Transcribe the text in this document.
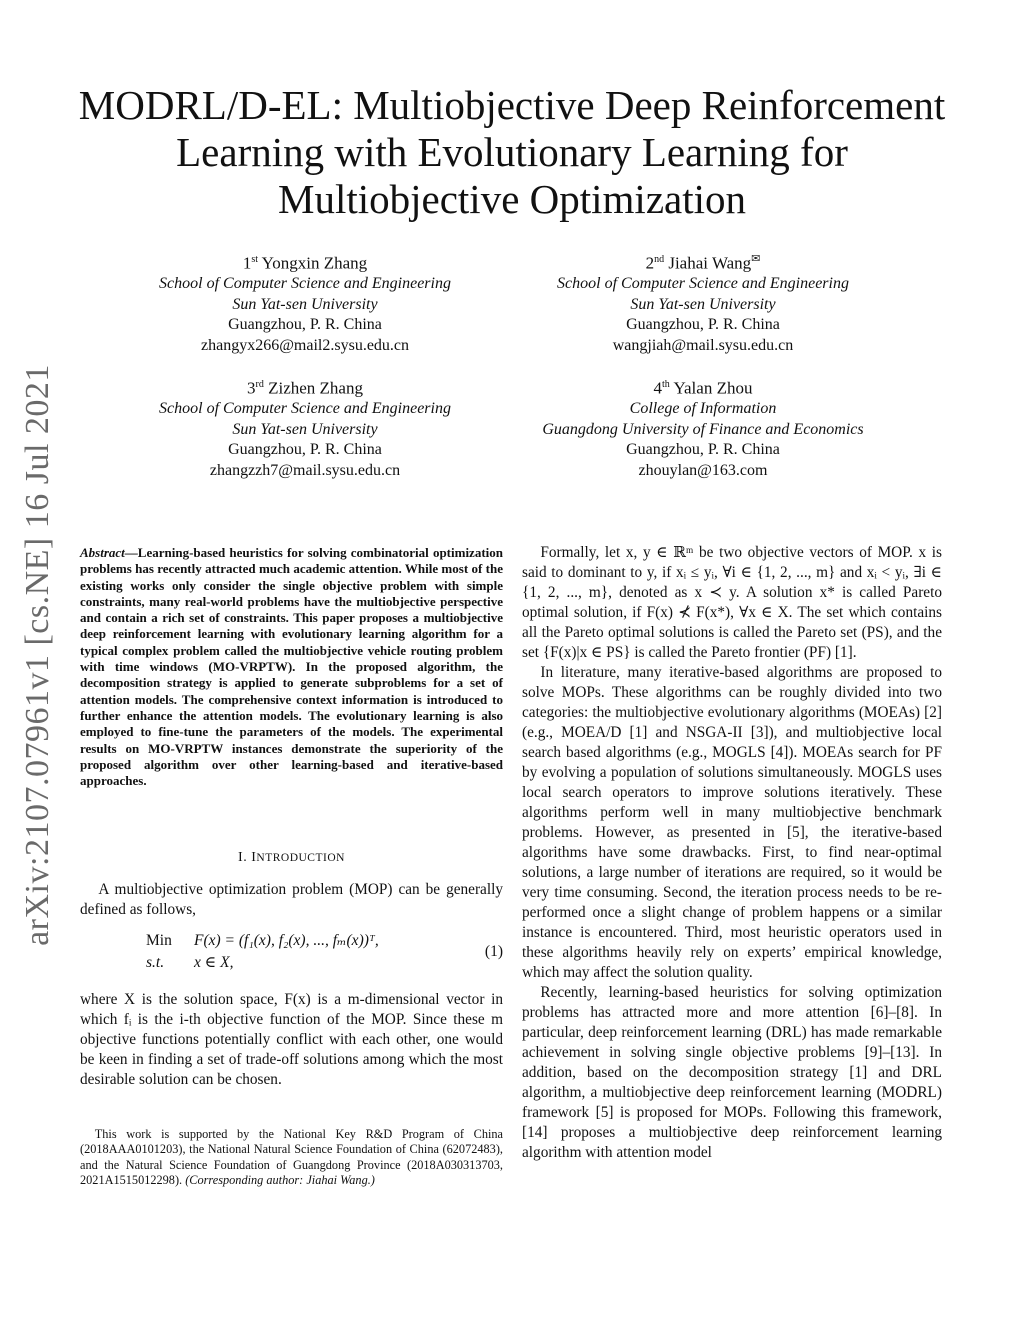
arXiv:2107.07961v1 [cs.NE] 16 Jul 2021
MODRL/D-EL: Multiobjective Deep Reinforcement
Learning with Evolutionary Learning for
Multiobjective Optimization
1st Yongxin Zhang
School of Computer Science and Engineering
Sun Yat-sen University
Guangzhou, P. R. China
zhangyx266@mail2.sysu.edu.cn
2nd Jiahai Wang✉
School of Computer Science and Engineering
Sun Yat-sen University
Guangzhou, P. R. China
wangjiah@mail.sysu.edu.cn
3rd Zizhen Zhang
School of Computer Science and Engineering
Sun Yat-sen University
Guangzhou, P. R. China
zhangzzh7@mail.sysu.edu.cn
4th Yalan Zhou
College of Information
Guangdong University of Finance and Economics
Guangzhou, P. R. China
zhouylan@163.com
Abstract—Learning-based heuristics for solving combinatorial optimization problems has recently attracted much academic attention. While most of the existing works only consider the single objective problem with simple constraints, many real-world problems have the multiobjective perspective and contain a rich set of constraints. This paper proposes a multiobjective deep reinforcement learning with evolutionary learning algorithm for a typical complex problem called the multiobjective vehicle routing problem with time windows (MO-VRPTW). In the proposed algorithm, the decomposition strategy is applied to generate subproblems for a set of attention models. The comprehensive context information is introduced to further enhance the attention models. The evolutionary learning is also employed to fine-tune the parameters of the models. The experimental results on MO-VRPTW instances demonstrate the superiority of the proposed algorithm over other learning-based and iterative-based approaches.
I. INTRODUCTION

A multiobjective optimization problem (MOP) can be generally defined as follows,

Min F(x) = (f₁(x), f₂(x), ..., fₘ(x))ᵀ,
s.t. x ∈ X,
(1)

where X is the solution space, F(x) is a m-dimensional vector in which fᵢ is the i-th objective function of the MOP. Since these m objective functions potentially conflict with each other, one would be keen in finding a set of trade-off solutions among which the most desirable solution can be chosen.

This work is supported by the National Key R&D Program of China (2018AAA0101203), the National Natural Science Foundation of China (62072483), and the Natural Science Foundation of Guangdong Province (2018A030313703, 2021A1515012298). (Corresponding author: Jiahai Wang.)

Formally, let x, y ∈ ℝᵐ be two objective vectors of MOP. x is said to dominant to y, if xᵢ ≤ yᵢ, ∀i ∈ {1, 2, ..., m} and xᵢ < yᵢ, ∃i ∈ {1, 2, ..., m}, denoted as x ≺ y. A solution x* is called Pareto optimal solution, if F(x) ⊀ F(x*), ∀x ∈ X. The set which contains all the Pareto optimal solutions is called the Pareto set (PS), and the set {F(x)|x ∈ PS} is called the Pareto frontier (PF) [1].

In literature, many iterative-based algorithms are proposed to solve MOPs. These algorithms can be roughly divided into two categories: the multiobjective evolutionary algorithms (MOEAs) [2] (e.g., MOEA/D [1] and NSGA-II [3]), and multiobjective local search based algorithms (e.g., MOGLS [4]). MOEAs search for PF by evolving a population of solutions simultaneously. MOGLS uses local search operators to improve solutions iteratively. These algorithms perform well in many multiobjective benchmark problems. However, as presented in [5], the iterative-based algorithms have some drawbacks. First, to find near-optimal solutions, a large number of iterations are required, so it would be very time consuming. Second, the iteration process needs to be re-performed once a slight change of problem happens or a similar instance is encountered. Third, most heuristic operators used in these algorithms heavily rely on experts’ empirical knowledge, which may affect the solution quality.

Recently, learning-based heuristics for solving optimization problems has attracted more and more attention [6]–[8]. In particular, deep reinforcement learning (DRL) has made remarkable achievement in solving single objective problems [9]–[13]. In addition, based on the decomposition strategy [1] and DRL algorithm, a multiobjective deep reinforcement learning (MODRL) framework [5] is proposed for MOPs. Following this framework, [14] proposes a multiobjective deep reinforcement learning algorithm with attention model
